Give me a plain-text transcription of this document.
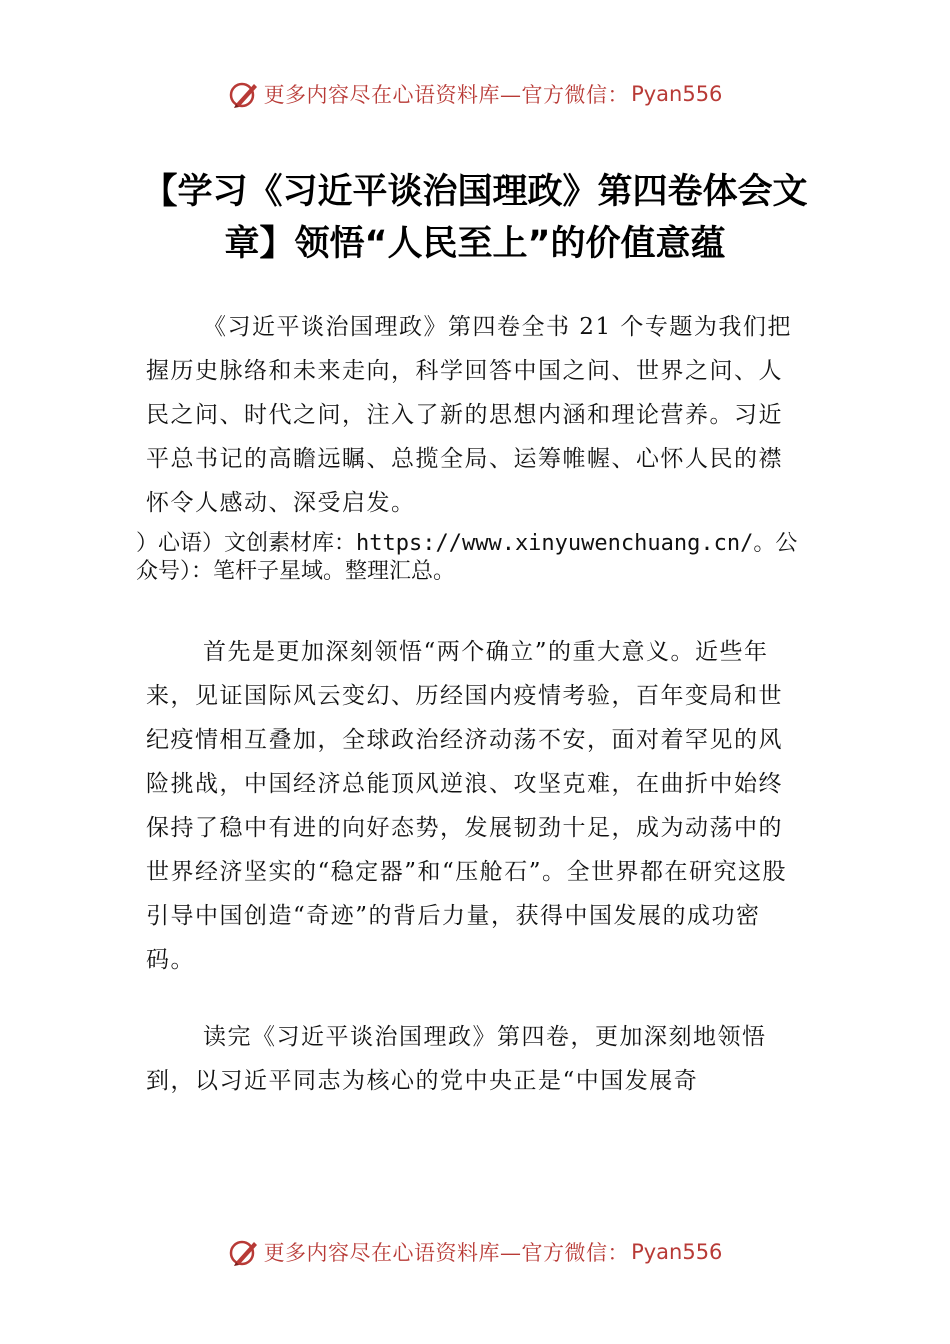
更多内容尽在心语资料库—官方微信： Pyan556
【学习《习近平谈治国理政》第四卷体会文章】领悟“人民至上”的价值意蕴
《习近平谈治国理政》第四卷全书 21 个专题为我们把握历史脉络和未来走向，科学回答中国之问、世界之问、人民之问、时代之问，注入了新的思想内涵和理论营养。习近平总书记的高瞻远瞩、总揽全局、运筹帷幄、心怀人民的襟怀令人感动、深受启发。
）心语）文创素材库：https://www.xinyuwenchuang.cn/。公众号）：笔杆子星域。整理汇总。
首先是更加深刻领悟“两个确立”的重大意义。近些年来，见证国际风云变幻、历经国内疫情考验，百年变局和世纪疫情相互叠加，全球政治经济动荡不安，面对着罕见的风险挑战，中国经济总能顶风逆浪、攻坚克难，在曲折中始终保持了稳中有进的向好态势，发展韧劲十足，成为动荡中的世界经济坚实的“稳定器”和“压舱石”。全世界都在研究这股引导中国创造“奇迹”的背后力量，获得中国发展的成功密码。
读完《习近平谈治国理政》第四卷，更加深刻地领悟到，以习近平同志为核心的党中央正是“中国发展奇
更多内容尽在心语资料库—官方微信： Pyan556
